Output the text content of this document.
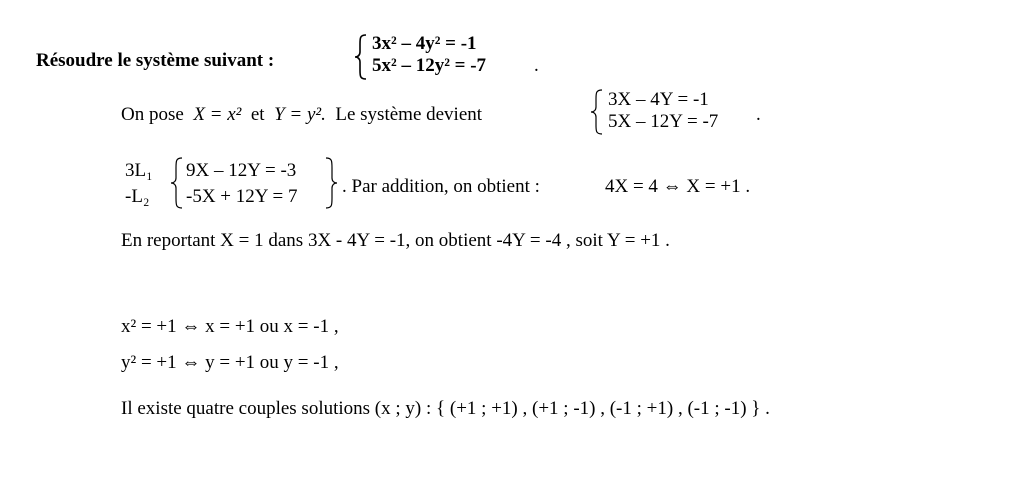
Résoudre le système suivant :
3x² – 4y² = -1
5x² – 12y² = -7	.
On pose X = x² et Y = y². Le système devient
3X – 4Y = -1
5X – 12Y = -7 .
3L₁
-L₂
9X – 12Y = -3
-5X + 12Y = 7 . Par addition, on obtient :	4X = 4 ⇔ X = +1 .
En reportant X = 1 dans 3X - 4Y = -1, on obtient -4Y = -4 , soit Y = +1 .
x² = +1 ⇔ x = +1 ou x = -1 ,
y² = +1 ⇔ y = +1 ou y = -1 ,
Il existe quatre couples solutions (x ; y) : { (+1 ; +1) , (+1 ; -1) , (-1 ; +1) , (-1 ; -1) } .
